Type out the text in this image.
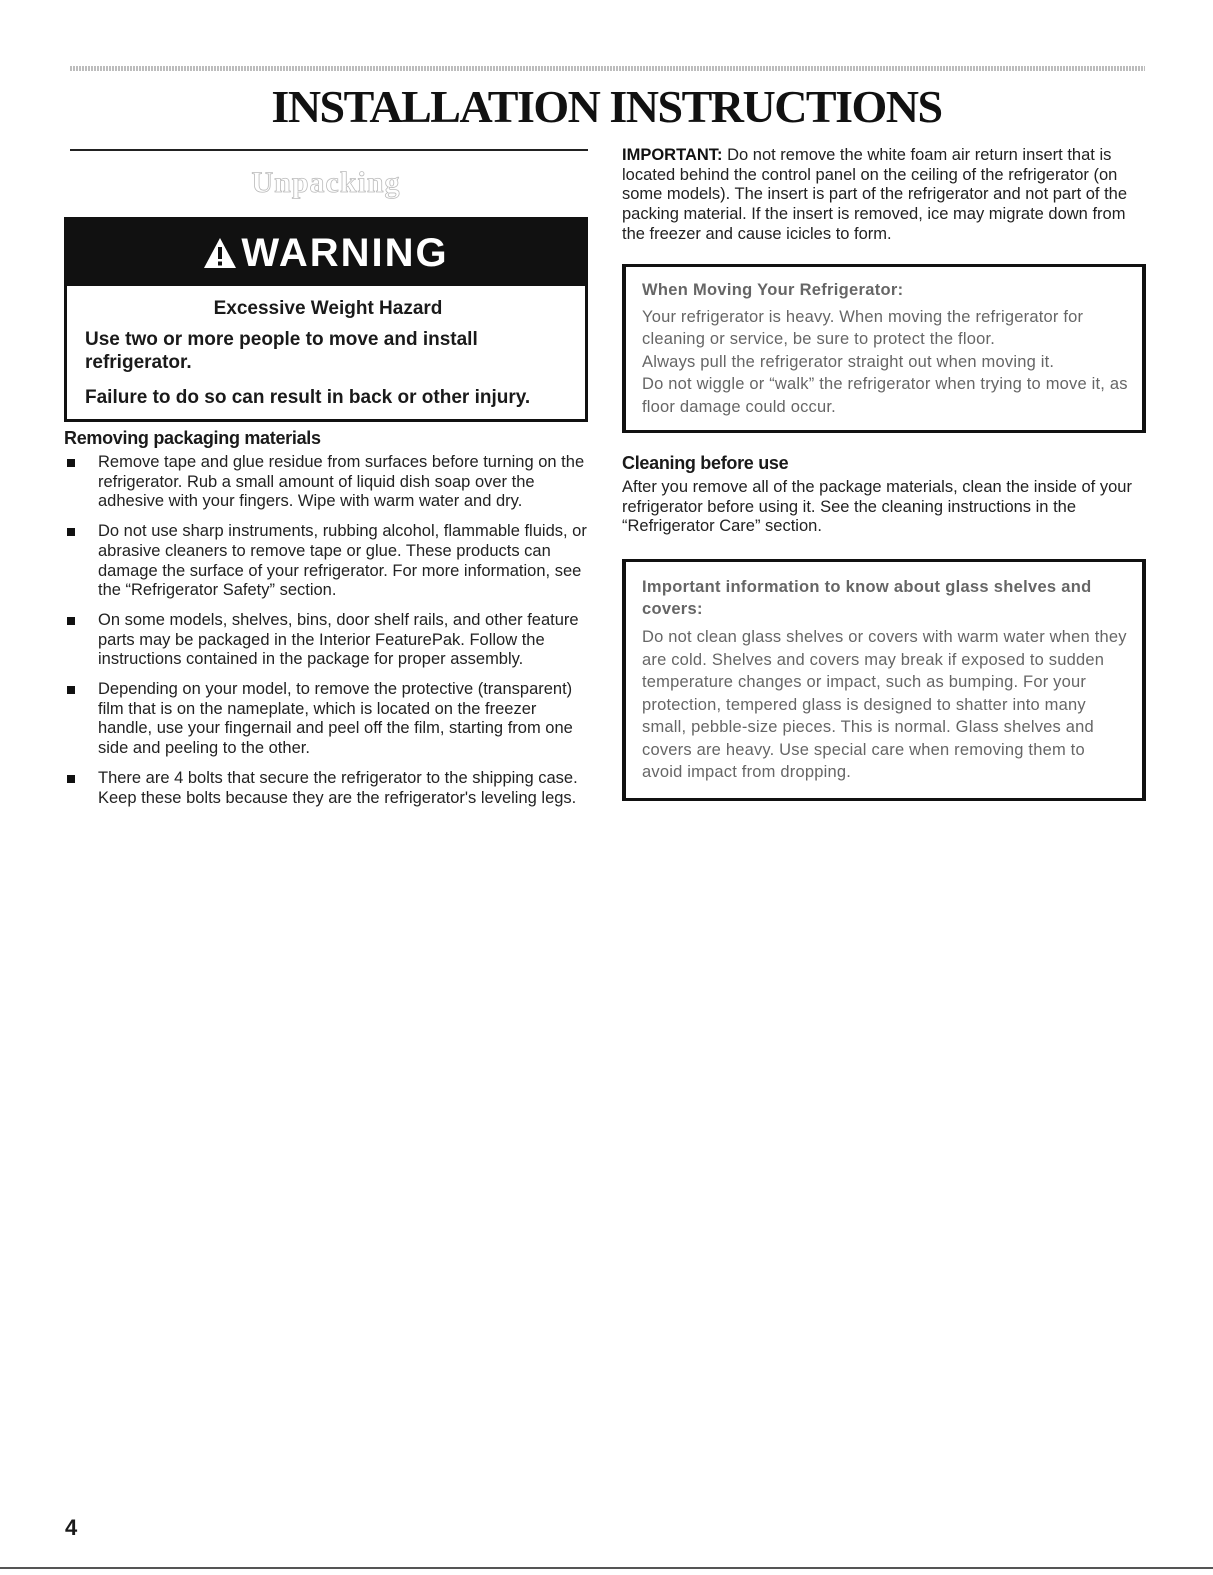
INSTALLATION INSTRUCTIONS
Unpacking
WARNING

Excessive Weight Hazard

Use two or more people to move and install refrigerator.

Failure to do so can result in back or other injury.

Removing packaging materials
Remove tape and glue residue from surfaces before turning on the refrigerator. Rub a small amount of liquid dish soap over the adhesive with your fingers. Wipe with warm water and dry.
Do not use sharp instruments, rubbing alcohol, flammable fluids, or abrasive cleaners to remove tape or glue. These products can damage the surface of your refrigerator. For more information, see the “Refrigerator Safety” section.
On some models, shelves, bins, door shelf rails, and other feature parts may be packaged in the Interior FeaturePak. Follow the instructions contained in the package for proper assembly.
Depending on your model, to remove the protective (transparent) film that is on the nameplate, which is located on the freezer handle, use your fingernail and peel off the film, starting from one side and peeling to the other.
There are 4 bolts that secure the refrigerator to the shipping case. Keep these bolts because they are the refrigerator's leveling legs.

IMPORTANT: Do not remove the white foam air return insert that is located behind the control panel on the ceiling of the refrigerator (on some models). The insert is part of the refrigerator and not part of the packing material. If the insert is removed, ice may migrate down from the freezer and cause icicles to form.

When Moving Your Refrigerator:

Your refrigerator is heavy. When moving the refrigerator for cleaning or service, be sure to protect the floor.

Always pull the refrigerator straight out when moving it.

Do not wiggle or “walk” the refrigerator when trying to move it, as floor damage could occur.

Cleaning before use

After you remove all of the package materials, clean the inside of your refrigerator before using it. See the cleaning instructions in the “Refrigerator Care” section.

Important information to know about glass shelves and covers:

Do not clean glass shelves or covers with warm water when they are cold. Shelves and covers may break if exposed to sudden temperature changes or impact, such as bumping. For your protection, tempered glass is designed to shatter into many small, pebble-size pieces. This is normal. Glass shelves and covers are heavy. Use special care when removing them to avoid impact from dropping.

4
